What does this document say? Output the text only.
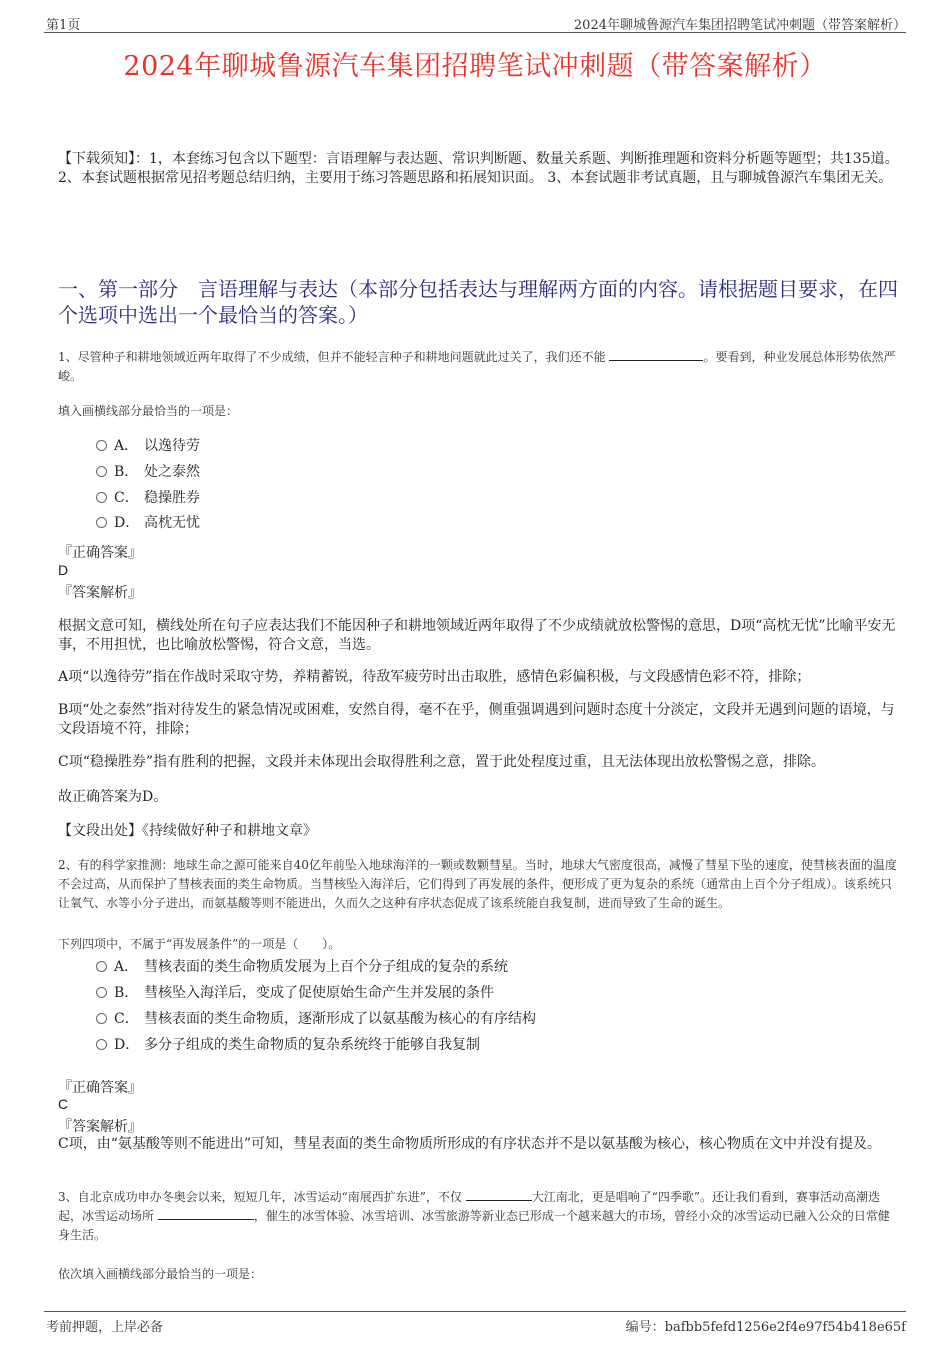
第1页	2024年聊城鲁源汽车集团招聘笔试冲刺题（带答案解析）
2024年聊城鲁源汽车集团招聘笔试冲刺题（带答案解析）
【下载须知】：1，本套练习包含以下题型：言语理解与表达题、常识判断题、数量关系题、判断推理题和资料分析题等题型；共135道。 2、本套试题根据常见招考题总结归纳，主要用于练习答题思路和拓展知识面。 3、本套试题非考试真题，且与聊城鲁源汽车集团无关。
一、第一部分　言语理解与表达（本部分包括表达与理解两方面的内容。请根据题目要求，在四个选项中选出一个最恰当的答案。）
1、尽管种子和耕地领域近两年取得了不少成绩，但并不能轻言种子和耕地问题就此过关了，我们还不能	。要看到，种业发展总体形势依然严峻。
填入画横线部分最恰当的一项是：
A． 以逸待劳
B． 处之泰然
C． 稳操胜券
D． 高枕无忧
『正确答案』
D
『答案解析』
根据文意可知，横线处所在句子应表达我们不能因种子和耕地领域近两年取得了不少成绩就放松警惕的意思，D项“高枕无忧”比喻平安无事，不用担忧，也比喻放松警惕，符合文意，当选。
A项“以逸待劳”指在作战时采取守势，养精蓄锐，待敌军疲劳时出击取胜，感情色彩偏积极，与文段感情色彩不符，排除；
B项“处之泰然”指对待发生的紧急情况或困难，安然自得，毫不在乎，侧重强调遇到问题时态度十分淡定，文段并无遇到问题的语境，与文段语境不符，排除；
C项“稳操胜券”指有胜利的把握，文段并未体现出会取得胜利之意，置于此处程度过重，且无法体现出放松警惕之意，排除。
故正确答案为D。
【文段出处】《持续做好种子和耕地文章》
2、有的科学家推测：地球生命之源可能来自40亿年前坠入地球海洋的一颗或数颗彗星。当时，地球大气密度很高，减慢了彗星下坠的速度，使彗核表面的温度不会过高，从而保护了彗核表面的类生命物质。当彗核坠入海洋后，它们得到了再发展的条件，便形成了更为复杂的系统（通常由上百个分子组成）。该系统只让氧气、水等小分子进出，而氨基酸等则不能进出，久而久之这种有序状态促成了该系统能自我复制，进而导致了生命的诞生。
下列四项中，不属于“再发展条件”的一项是（　　）。
A． 彗核表面的类生命物质发展为上百个分子组成的复杂的系统
B． 彗核坠入海洋后，变成了促使原始生命产生并发展的条件
C． 彗核表面的类生命物质，逐渐形成了以氨基酸为核心的有序结构
D． 多分子组成的类生命物质的复杂系统终于能够自我复制
『正确答案』
C
『答案解析』
C项，由“氨基酸等则不能进出”可知，彗星表面的类生命物质所形成的有序状态并不是以氨基酸为核心，核心物质在文中并没有提及。
3、自北京成功申办冬奥会以来，短短几年，冰雪运动“南展西扩东进”，不仅	大江南北，更是唱响了“四季歌”。还让我们看到，赛事活动高潮迭起，冰雪运动场所	，催生的冰雪体验、冰雪培训、冰雪旅游等新业态已形成一个越来越大的市场，曾经小众的冰雪运动已融入公众的日常健身生活。
依次填入画横线部分最恰当的一项是：
考前押题，上岸必备	编号：bafbb5fefd1256e2f4e97f54b418e65f
